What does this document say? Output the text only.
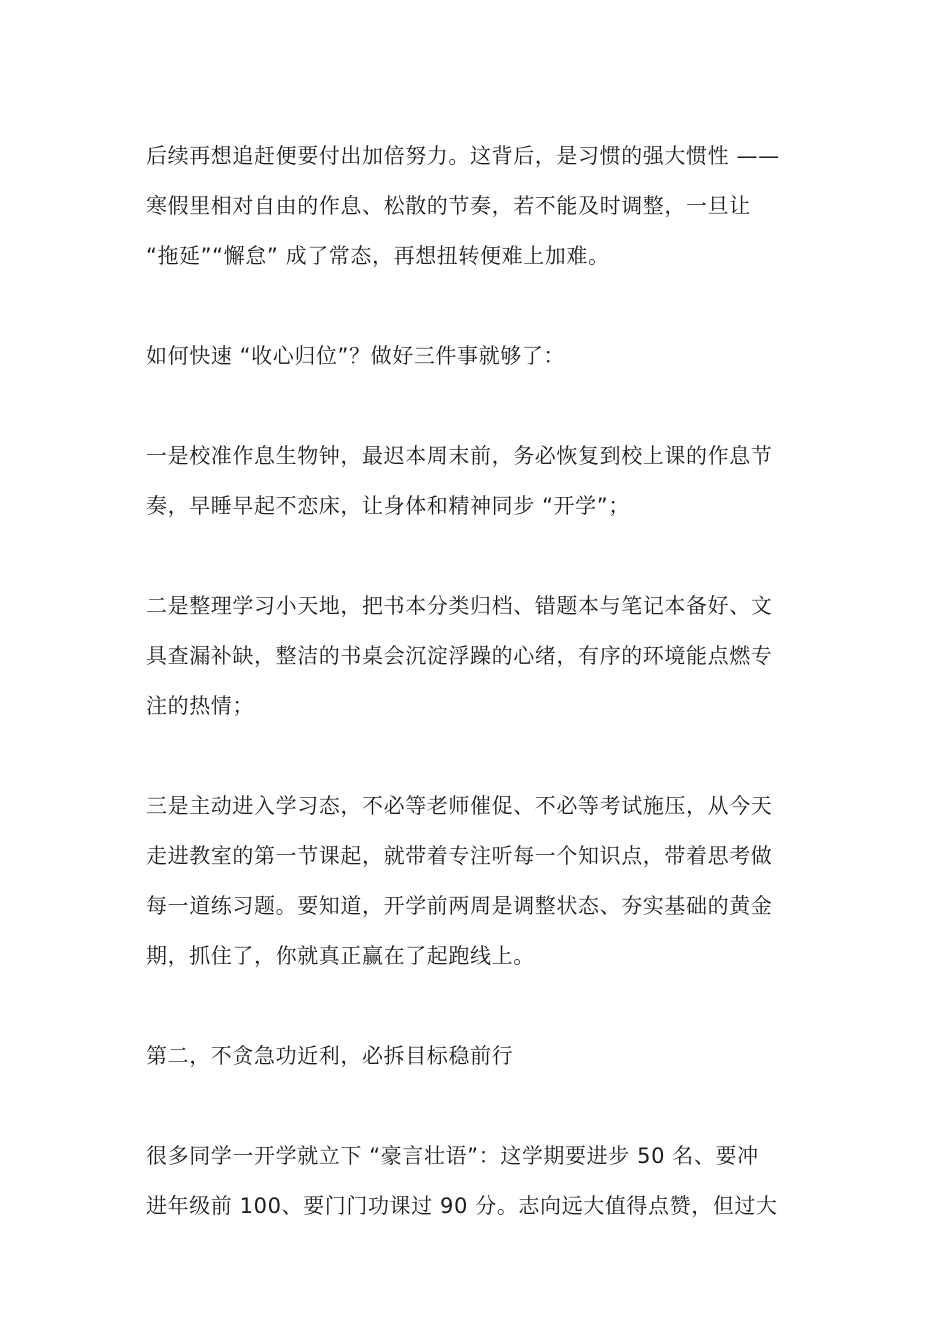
后续再想追赶便要付出加倍努力。这背后，是习惯的强大惯性 ——
寒假里相对自由的作息、松散的节奏，若不能及时调整，一旦让
“拖延”“懈怠” 成了常态，再想扭转便难上加难。

如何快速 “收心归位”？做好三件事就够了：

一是校准作息生物钟，最迟本周末前，务必恢复到校上课的作息节
奏，早睡早起不恋床，让身体和精神同步 “开学”；

二是整理学习小天地，把书本分类归档、错题本与笔记本备好、文
具查漏补缺，整洁的书桌会沉淀浮躁的心绪，有序的环境能点燃专
注的热情；

三是主动进入学习态，不必等老师催促、不必等考试施压，从今天
走进教室的第一节课起，就带着专注听每一个知识点，带着思考做
每一道练习题。要知道，开学前两周是调整状态、夯实基础的黄金
期，抓住了，你就真正赢在了起跑线上。

第二，不贪急功近利，必拆目标稳前行

很多同学一开学就立下 “豪言壮语”：这学期要进步 50 名、要冲
进年级前 100、要门门功课过 90 分。志向远大值得点赞，但过大
